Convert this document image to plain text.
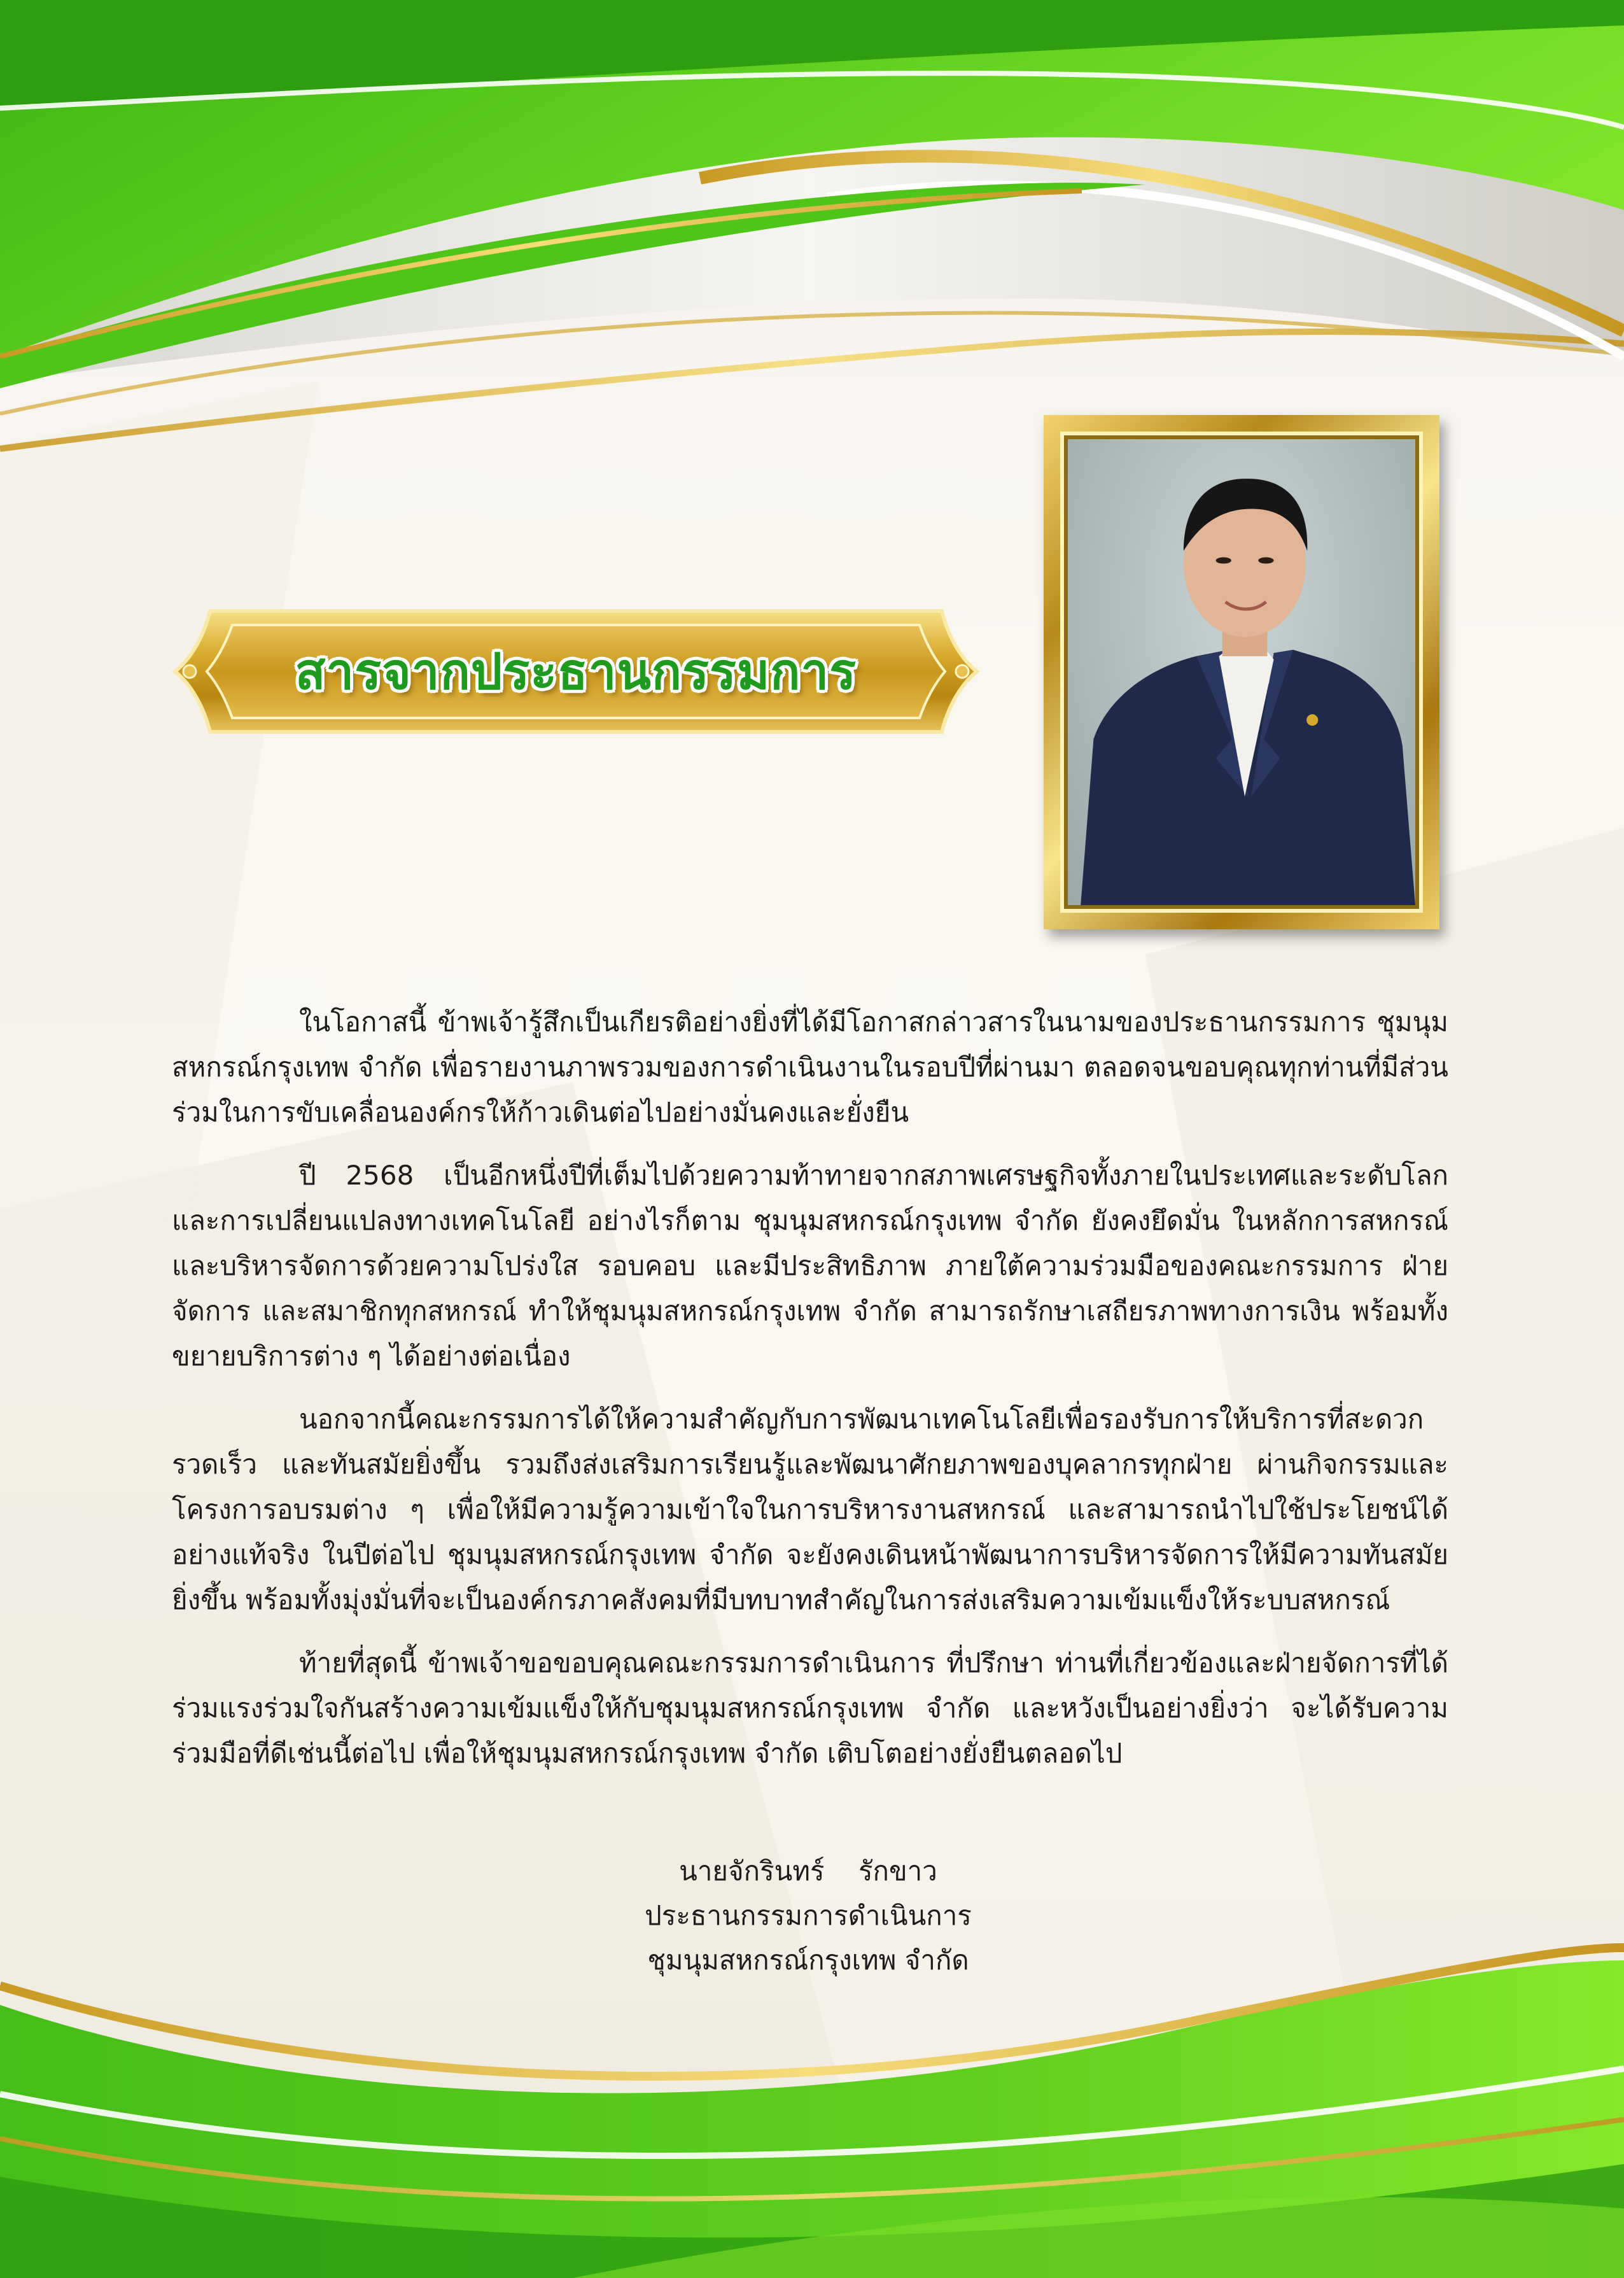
สารจากประธานกรรมการ

ในโอกาสนี้ ข้าพเจ้ารู้สึกเป็นเกียรติอย่างยิ่งที่ได้มีโอกาสกล่าวสารในนามของประธานกรรมการ ชุมนุมสหกรณ์กรุงเทพ จำกัด เพื่อรายงานภาพรวมของการดำเนินงานในรอบปีที่ผ่านมา ตลอดจนขอบคุณทุกท่านที่มีส่วนร่วมในการขับเคลื่อนองค์กรให้ก้าวเดินต่อไปอย่างมั่นคงและยั่งยืน

ปี 2568 เป็นอีกหนึ่งปีที่เต็มไปด้วยความท้าทายจากสภาพเศรษฐกิจทั้งภายในประเทศและระดับโลก และการเปลี่ยนแปลงทางเทคโนโลยี อย่างไรก็ตาม ชุมนุมสหกรณ์กรุงเทพ จำกัด ยังคงยึดมั่น ในหลักการสหกรณ์และบริหารจัดการด้วยความโปร่งใส รอบคอบ และมีประสิทธิภาพ ภายใต้ความร่วมมือของคณะกรรมการ ฝ่ายจัดการ และสมาชิกทุกสหกรณ์ ทำให้ชุมนุมสหกรณ์กรุงเทพ จำกัด สามารถรักษาเสถียรภาพทางการเงิน พร้อมทั้งขยายบริการต่าง ๆ ได้อย่างต่อเนื่อง

นอกจากนี้คณะกรรมการได้ให้ความสำคัญกับการพัฒนาเทคโนโลยีเพื่อรองรับการให้บริการที่สะดวก รวดเร็ว และทันสมัยยิ่งขึ้น รวมถึงส่งเสริมการเรียนรู้และพัฒนาศักยภาพของบุคลากรทุกฝ่าย ผ่านกิจกรรมและโครงการอบรมต่าง ๆ เพื่อให้มีความรู้ความเข้าใจในการบริหารงานสหกรณ์ และสามารถนำไปใช้ประโยชน์ได้อย่างแท้จริง ในปีต่อไป ชุมนุมสหกรณ์กรุงเทพ จำกัด จะยังคงเดินหน้าพัฒนาการบริหารจัดการให้มีความทันสมัยยิ่งขึ้น พร้อมทั้งมุ่งมั่นที่จะเป็นองค์กรภาคสังคมที่มีบทบาทสำคัญในการส่งเสริมความเข้มแข็งให้ระบบสหกรณ์

ท้ายที่สุดนี้ ข้าพเจ้าขอขอบคุณคณะกรรมการดำเนินการ ที่ปรึกษา ท่านที่เกี่ยวข้องและฝ่ายจัดการที่ได้ร่วมแรงร่วมใจกันสร้างความเข้มแข็งให้กับชุมนุมสหกรณ์กรุงเทพ จำกัด และหวังเป็นอย่างยิ่งว่า จะได้รับความร่วมมือที่ดีเช่นนี้ต่อไป เพื่อให้ชุมนุมสหกรณ์กรุงเทพ จำกัด เติบโตอย่างยั่งยืนตลอดไป

นายจักรินทร์    รักขาว
ประธานกรรมการดำเนินการ
ชุมนุมสหกรณ์กรุงเทพ จำกัด
